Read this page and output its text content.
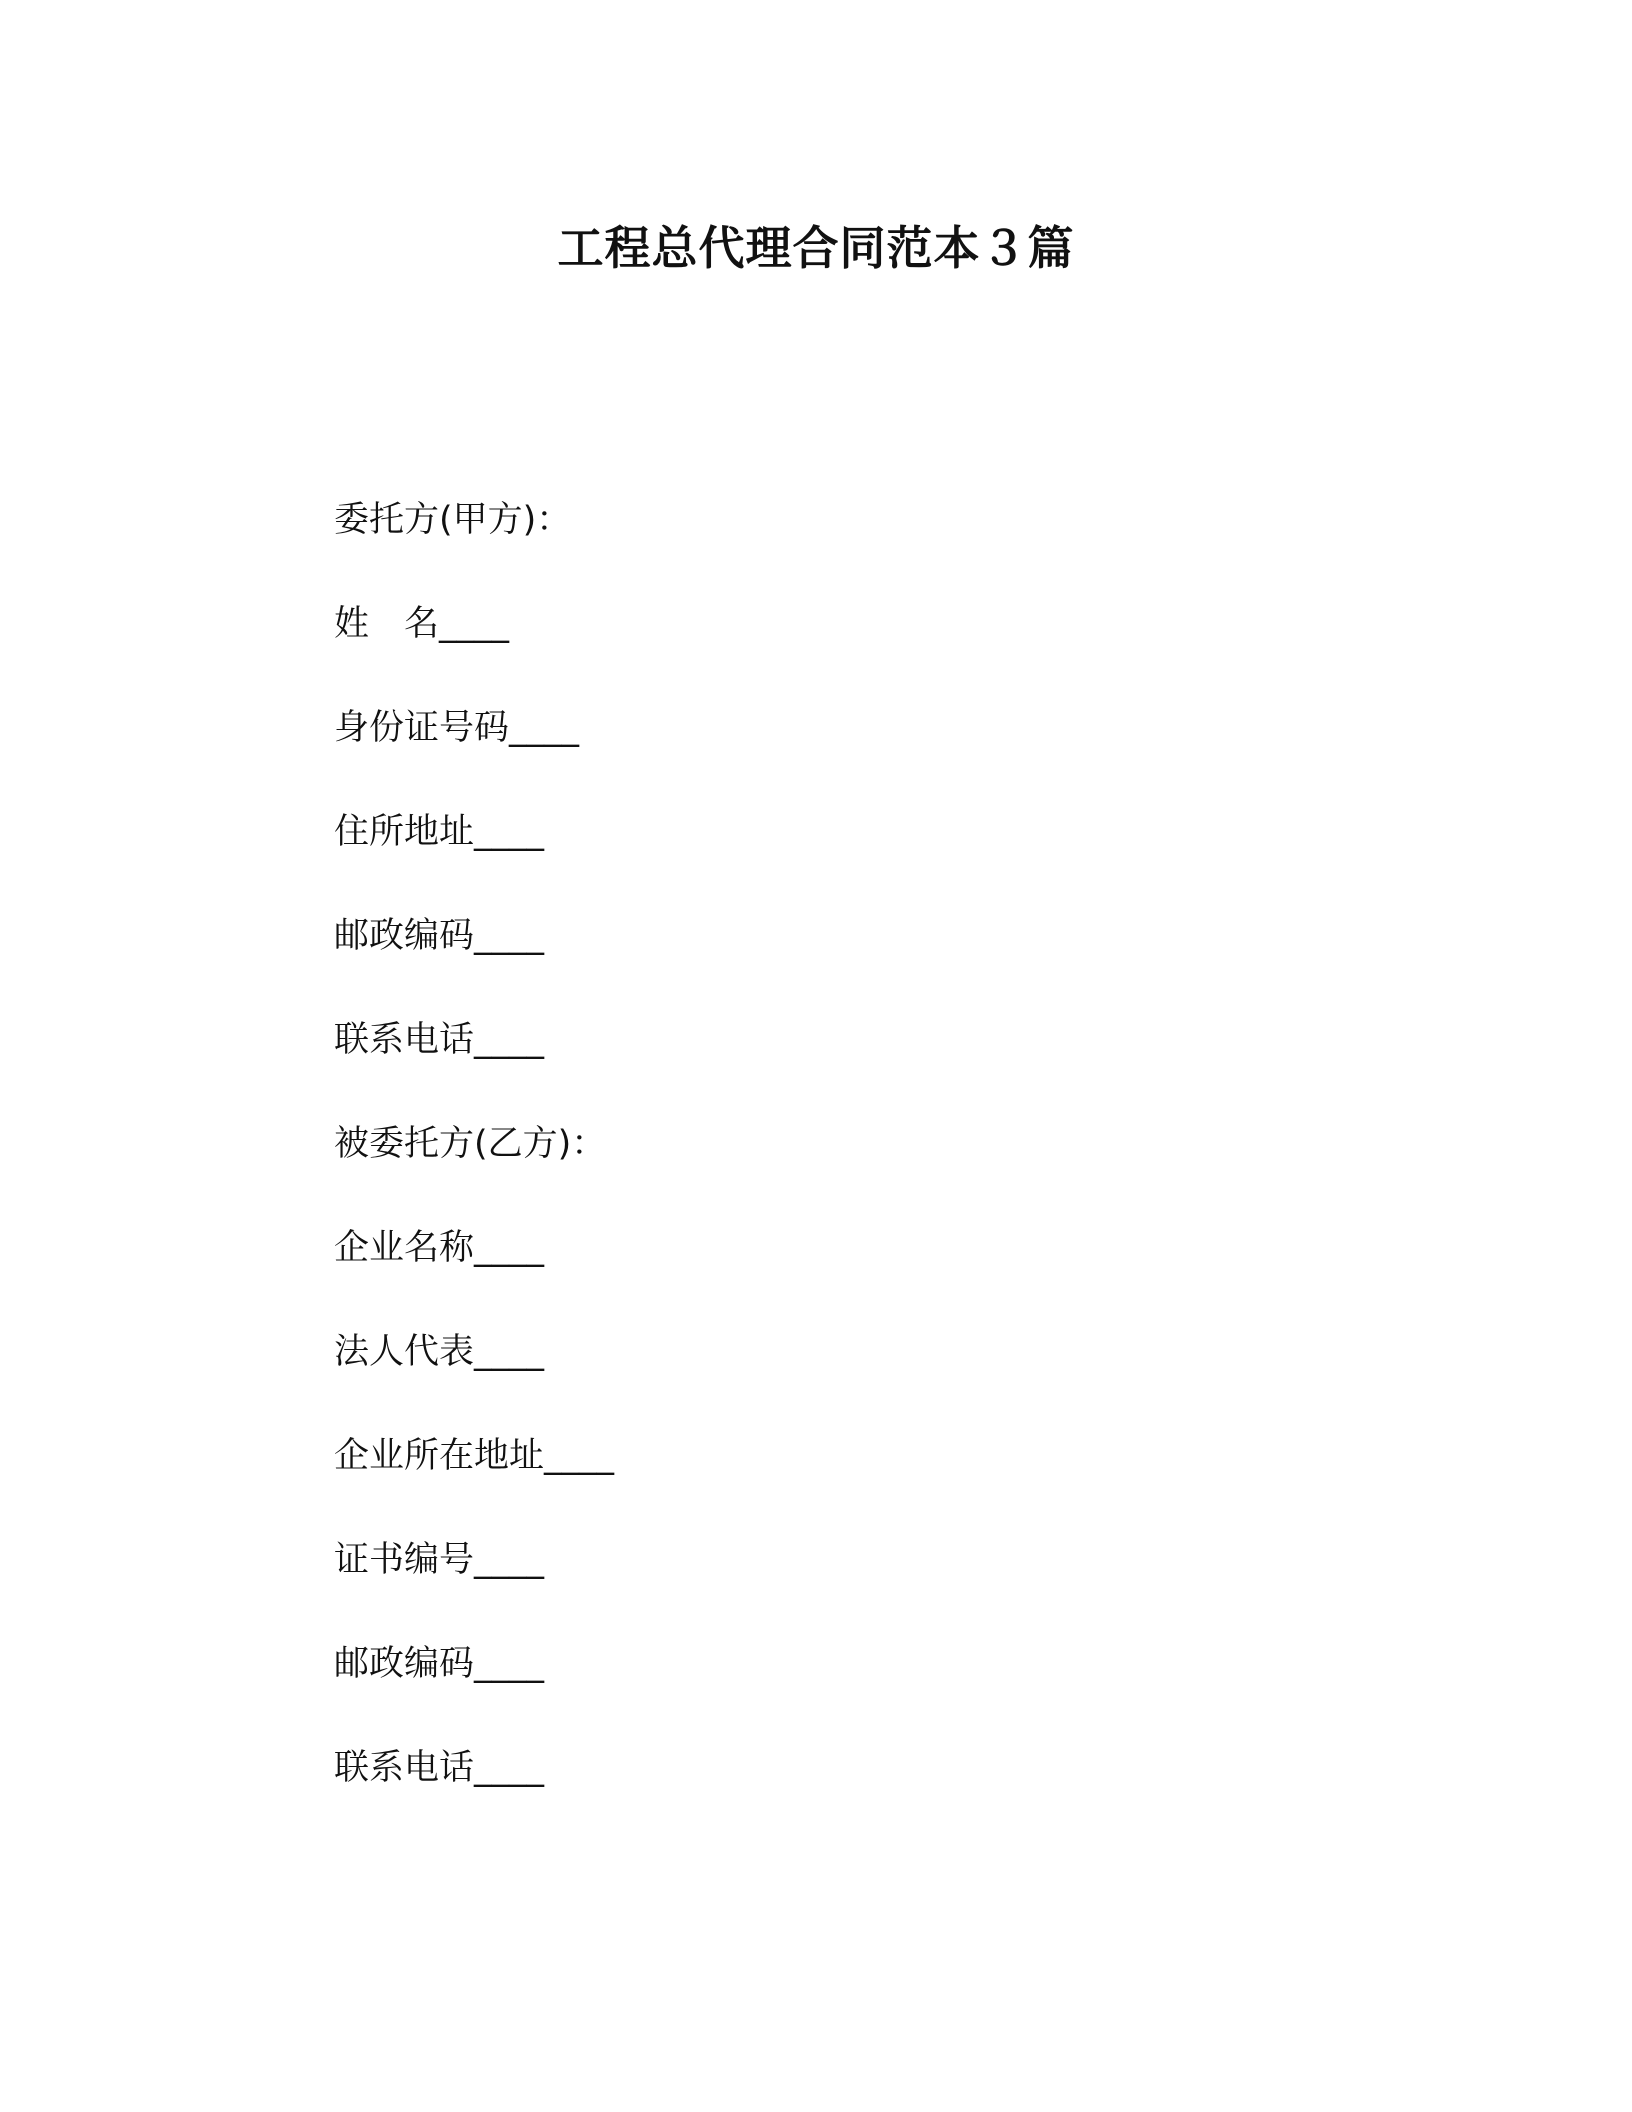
工程总代理合同范本３篇
委托方(甲方)：
姓　名____
身份证号码____
住所地址____
邮政编码____
联系电话____
被委托方(乙方)：
企业名称____
法人代表____
企业所在地址____
证书编号____
邮政编码____
联系电话____
